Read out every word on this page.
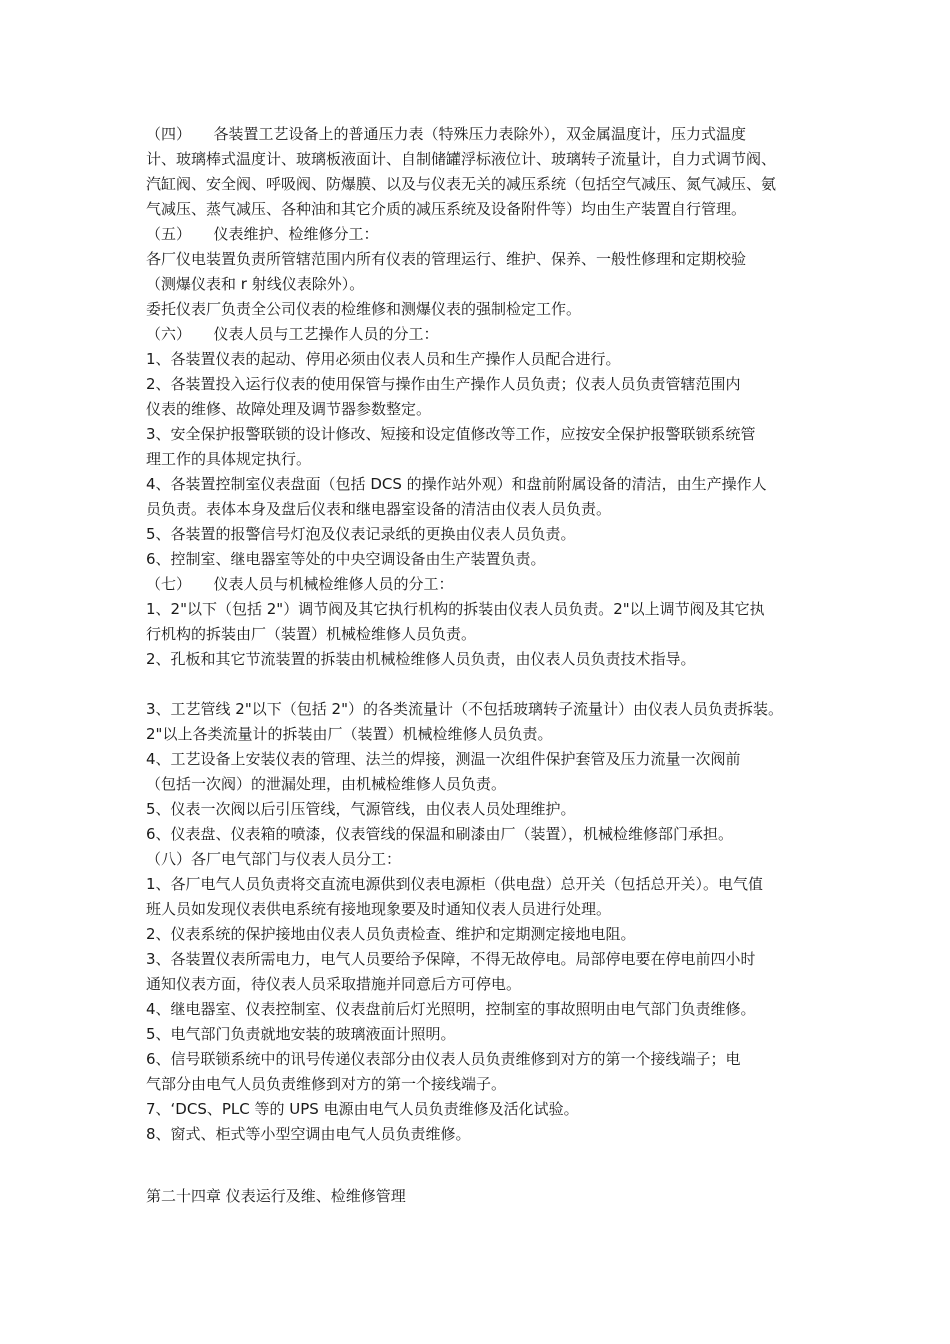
（四）　　各装置工艺设备上的普通压力表（特殊压力表除外），双金属温度计，压力式温度
计、玻璃棒式温度计、玻璃板液面计、自制储罐浮标液位计、玻璃转子流量计，自力式调节阀、
汽缸阀、安全阀、呼吸阀、防爆膜、以及与仪表无关的减压系统（包括空气减压、氮气减压、氨
气减压、蒸气减压、各种油和其它介质的减压系统及设备附件等）均由生产装置自行管理。
（五）　　仪表维护、检维修分工：
各厂仪电装置负责所管辖范围内所有仪表的管理运行、维护、保养、一般性修理和定期校验
（测爆仪表和 r 射线仪表除外）。
委托仪表厂负责全公司仪表的检维修和测爆仪表的强制检定工作。
（六）　　仪表人员与工艺操作人员的分工：
1、各装置仪表的起动、停用必须由仪表人员和生产操作人员配合进行。
2、各装置投入运行仪表的使用保管与操作由生产操作人员负责；仪表人员负责管辖范围内
仪表的维修、故障处理及调节器参数整定。
3、安全保护报警联锁的设计修改、短接和设定值修改等工作，应按安全保护报警联锁系统管
理工作的具体规定执行。
4、各装置控制室仪表盘面（包括 DCS 的操作站外观）和盘前附属设备的清洁，由生产操作人
员负责。表体本身及盘后仪表和继电器室设备的清洁由仪表人员负责。
5、各装置的报警信号灯泡及仪表记录纸的更换由仪表人员负责。
6、控制室、继电器室等处的中央空调设备由生产装置负责。
（七）　　仪表人员与机械检维修人员的分工：
1、2"以下（包括 2"）调节阀及其它执行机构的拆装由仪表人员负责。2"以上调节阀及其它执
行机构的拆装由厂（装置）机械检维修人员负责。
2、孔板和其它节流装置的拆装由机械检维修人员负责，由仪表人员负责技术指导。
3、工艺管线 2"以下（包括 2"）的各类流量计（不包括玻璃转子流量计）由仪表人员负责拆装。
2"以上各类流量计的拆装由厂（装置）机械检维修人员负责。
4、工艺设备上安装仪表的管理、法兰的焊接，测温一次组件保护套管及压力流量一次阀前
（包括一次阀）的泄漏处理，由机械检维修人员负责。
5、仪表一次阀以后引压管线，气源管线，由仪表人员处理维护。
6、仪表盘、仪表箱的喷漆，仪表管线的保温和刷漆由厂（装置），机械检维修部门承担。
（八）各厂电气部门与仪表人员分工：
1、各厂电气人员负责将交直流电源供到仪表电源柜（供电盘）总开关（包括总开关）。电气值
班人员如发现仪表供电系统有接地现象要及时通知仪表人员进行处理。
2、仪表系统的保护接地由仪表人员负责检查、维护和定期测定接地电阻。
3、各装置仪表所需电力，电气人员要给予保障，不得无故停电。局部停电要在停电前四小时
通知仪表方面，待仪表人员采取措施并同意后方可停电。
4、继电器室、仪表控制室、仪表盘前后灯光照明，控制室的事故照明由电气部门负责维修。
5、电气部门负责就地安装的玻璃液面计照明。
6、信号联锁系统中的讯号传递仪表部分由仪表人员负责维修到对方的第一个接线端子；电
气部分由电气人员负责维修到对方的第一个接线端子。
7、‘DCS、PLC 等的 UPS 电源由电气人员负责维修及活化试验。
8、窗式、柜式等小型空调由电气人员负责维修。
第二十四章 仪表运行及维、检维修管理
